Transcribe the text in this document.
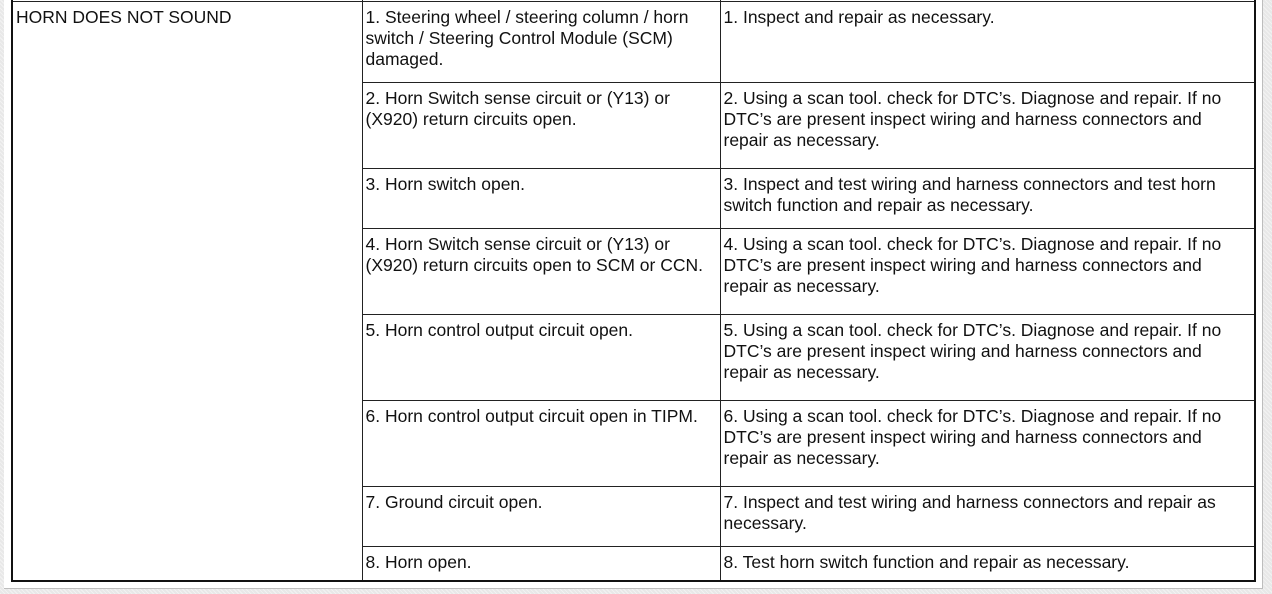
HORN DOES NOT SOUND	1. Steering wheel / steering column / horn switch / Steering Control Module (SCM) damaged.	1. Inspect and repair as necessary.
	2. Horn Switch sense circuit or (Y13) or (X920) return circuits open.	2. Using a scan tool. check for DTC’s. Diagnose and repair. If no DTC’s are present inspect wiring and harness connectors and repair as necessary.
	3. Horn switch open.	3. Inspect and test wiring and harness connectors and test horn switch function and repair as necessary.
	4. Horn Switch sense circuit or (Y13) or (X920) return circuits open to SCM or CCN.	4. Using a scan tool. check for DTC’s. Diagnose and repair. If no DTC’s are present inspect wiring and harness connectors and repair as necessary.
	5. Horn control output circuit open.	5. Using a scan tool. check for DTC’s. Diagnose and repair. If no DTC’s are present inspect wiring and harness connectors and repair as necessary.
	6. Horn control output circuit open in TIPM.	6. Using a scan tool. check for DTC’s. Diagnose and repair. If no DTC’s are present inspect wiring and harness connectors and repair as necessary.
	7. Ground circuit open.	7. Inspect and test wiring and harness connectors and repair as necessary.
	8. Horn open.	8. Test horn switch function and repair as necessary.
